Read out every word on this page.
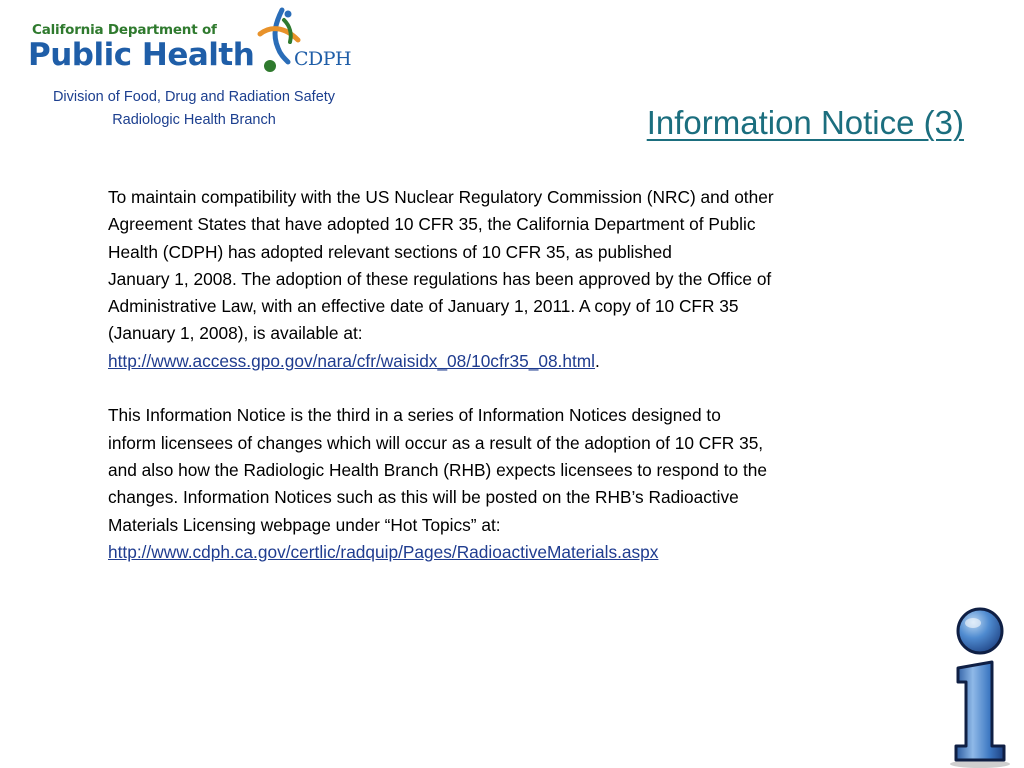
California Department of
Public Health CDPH
Division of Food, Drug and Radiation Safety
Radiologic Health Branch	Information Notice (3)

To maintain compatibility with the US Nuclear Regulatory Commission (NRC) and other
Agreement States that have adopted 10 CFR 35, the California Department of Public
Health (CDPH) has adopted relevant sections of 10 CFR 35, as published
January 1, 2008. The adoption of these regulations has been approved by the Office of
Administrative Law, with an effective date of January 1, 2011. A copy of 10 CFR 35
(January 1, 2008), is available at:
http://www.access.gpo.gov/nara/cfr/waisidx_08/10cfr35_08.html.

This Information Notice is the third in a series of Information Notices designed to
inform licensees of changes which will occur as a result of the adoption of 10 CFR 35,
and also how the Radiologic Health Branch (RHB) expects licensees to respond to the
changes. Information Notices such as this will be posted on the RHB’s Radioactive
Materials Licensing webpage under “Hot Topics” at:
http://www.cdph.ca.gov/certlic/radquip/Pages/RadioactiveMaterials.aspx
